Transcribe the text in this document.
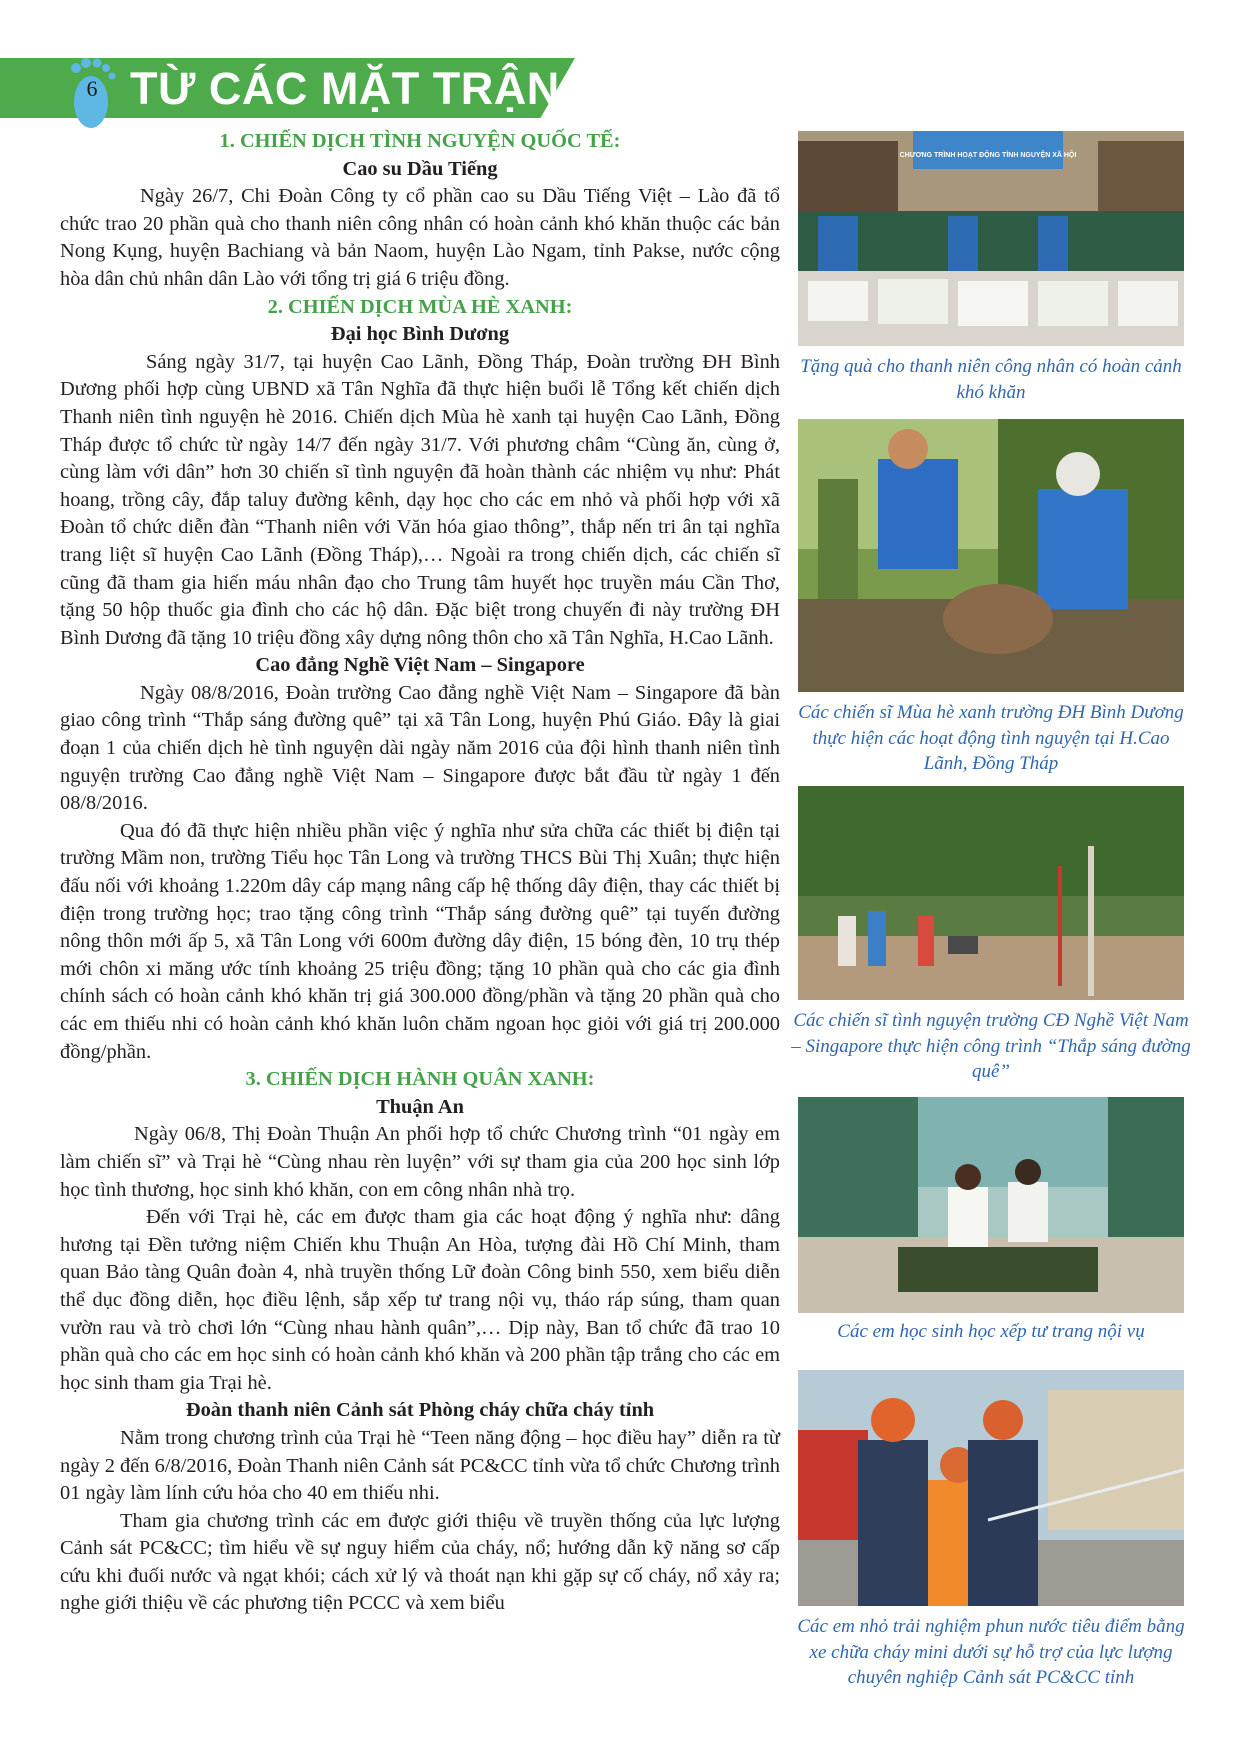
6 TỪ CÁC MẶT TRẬN

1. CHIẾN DỊCH TÌNH NGUYỆN QUỐC TẾ:

Cao su Dầu Tiếng

Ngày 26/7, Chi Đoàn Công ty cổ phần cao su Dầu Tiếng Việt – Lào đã tổ chức trao 20 phần quà cho thanh niên công nhân có hoàn cảnh khó khăn thuộc các bản Nong Kụng, huyện Bachiang và bản Naom, huyện Lào Ngam, tỉnh Pakse, nước cộng hòa dân chủ nhân dân Lào với tổng trị giá 6 triệu đồng.

2. CHIẾN DỊCH MÙA HÈ XANH:

Đại học Bình Dương

Sáng ngày 31/7, tại huyện Cao Lãnh, Đồng Tháp, Đoàn trường ĐH Bình Dương phối hợp cùng UBND xã Tân Nghĩa đã thực hiện buổi lễ Tổng kết chiến dịch Thanh niên tình nguyện hè 2016. Chiến dịch Mùa hè xanh tại huyện Cao Lãnh, Đồng Tháp được tổ chức từ ngày 14/7 đến ngày 31/7. Với phương châm “Cùng ăn, cùng ở, cùng làm với dân” hơn 30 chiến sĩ tình nguyện đã hoàn thành các nhiệm vụ như: Phát hoang, trồng cây, đắp taluy đường kênh, dạy học cho các em nhỏ và phối hợp với xã Đoàn tổ chức diễn đàn “Thanh niên với Văn hóa giao thông”, thắp nến tri ân tại nghĩa trang liệt sĩ huyện Cao Lãnh (Đồng Tháp),… Ngoài ra trong chiến dịch, các chiến sĩ cũng đã tham gia hiến máu nhân đạo cho Trung tâm huyết học truyền máu Cần Thơ, tặng 50 hộp thuốc gia đình cho các hộ dân. Đặc biệt trong chuyến đi này trường ĐH Bình Dương đã tặng 10 triệu đồng xây dựng nông thôn cho xã Tân Nghĩa, H.Cao Lãnh.

Cao đẳng Nghề Việt Nam – Singapore

Ngày 08/8/2016, Đoàn trường Cao đẳng nghề Việt Nam – Singapore đã bàn giao công trình “Thắp sáng đường quê” tại xã Tân Long, huyện Phú Giáo. Đây là giai đoạn 1 của chiến dịch hè tình nguyện dài ngày năm 2016 của đội hình thanh niên tình nguyện trường Cao đẳng nghề Việt Nam – Singapore được bắt đầu từ ngày 1 đến 08/8/2016.

Qua đó đã thực hiện nhiều phần việc ý nghĩa như sửa chữa các thiết bị điện tại trường Mầm non, trường Tiểu học Tân Long và trường THCS Bùi Thị Xuân; thực hiện đấu nối với khoảng 1.220m dây cáp mạng nâng cấp hệ thống dây điện, thay các thiết bị điện trong trường học; trao tặng công trình “Thắp sáng đường quê” tại tuyến đường nông thôn mới ấp 5, xã Tân Long với 600m đường dây điện, 15 bóng đèn, 10 trụ thép mới chôn xi măng ước tính khoảng 25 triệu đồng; tặng 10 phần quà cho các gia đình chính sách có hoàn cảnh khó khăn trị giá 300.000 đồng/phần và tặng 20 phần quà cho các em thiếu nhi có hoàn cảnh khó khăn luôn chăm ngoan học giỏi với giá trị 200.000 đồng/phần.

3. CHIẾN DỊCH HÀNH QUÂN XANH:

Thuận An

Ngày 06/8, Thị Đoàn Thuận An phối hợp tổ chức Chương trình “01 ngày em làm chiến sĩ” và Trại hè “Cùng nhau rèn luyện” với sự tham gia của 200 học sinh lớp học tình thương, học sinh khó khăn, con em công nhân nhà trọ.

Đến với Trại hè, các em được tham gia các hoạt động ý nghĩa như: dâng hương tại Đền tưởng niệm Chiến khu Thuận An Hòa, tượng đài Hồ Chí Minh, tham quan Bảo tàng Quân đoàn 4, nhà truyền thống Lữ đoàn Công binh 550, xem biểu diễn thể dục đồng diễn, học điều lệnh, sắp xếp tư trang nội vụ, tháo ráp súng, tham quan vườn rau và trò chơi lớn “Cùng nhau hành quân”,… Dịp này, Ban tổ chức đã trao 10 phần quà cho các em học sinh có hoàn cảnh khó khăn và 200 phần tập trắng cho các em học sinh tham gia Trại hè.

Đoàn thanh niên Cảnh sát Phòng cháy chữa cháy tỉnh

Nằm trong chương trình của Trại hè “Teen năng động – học điều hay” diễn ra từ ngày 2 đến 6/8/2016, Đoàn Thanh niên Cảnh sát PC&CC tỉnh vừa tổ chức Chương trình 01 ngày làm lính cứu hỏa cho 40 em thiếu nhi.

Tham gia chương trình các em được giới thiệu về truyền thống của lực lượng Cảnh sát PC&CC; tìm hiểu về sự nguy hiểm của cháy, nổ; hướng dẫn kỹ năng sơ cấp cứu khi đuối nước và ngạt khói; cách xử lý và thoát nạn khi gặp sự cố cháy, nổ xảy ra; nghe giới thiệu về các phương tiện PCCC và xem biểu

CHƯƠNG TRÌNH HOẠT ĐỘNG TÌNH NGUYỆN XÃ HỘI
Tặng quà cho thanh niên công nhân có hoàn cảnh khó khăn
Các chiến sĩ Mùa hè xanh trường ĐH Bình Dương thực hiện các hoạt động tình nguyện tại H.Cao Lãnh, Đồng Tháp
Các chiến sĩ tình nguyện trường CĐ Nghề Việt Nam – Singapore thực hiện công trình “Thắp sáng đường quê”
Các em học sinh học xếp tư trang nội vụ
Các em nhỏ trải nghiệm phun nước tiêu điểm bằng xe chữa cháy mini dưới sự hỗ trợ của lực lượng chuyên nghiệp Cảnh sát PC&CC tỉnh
